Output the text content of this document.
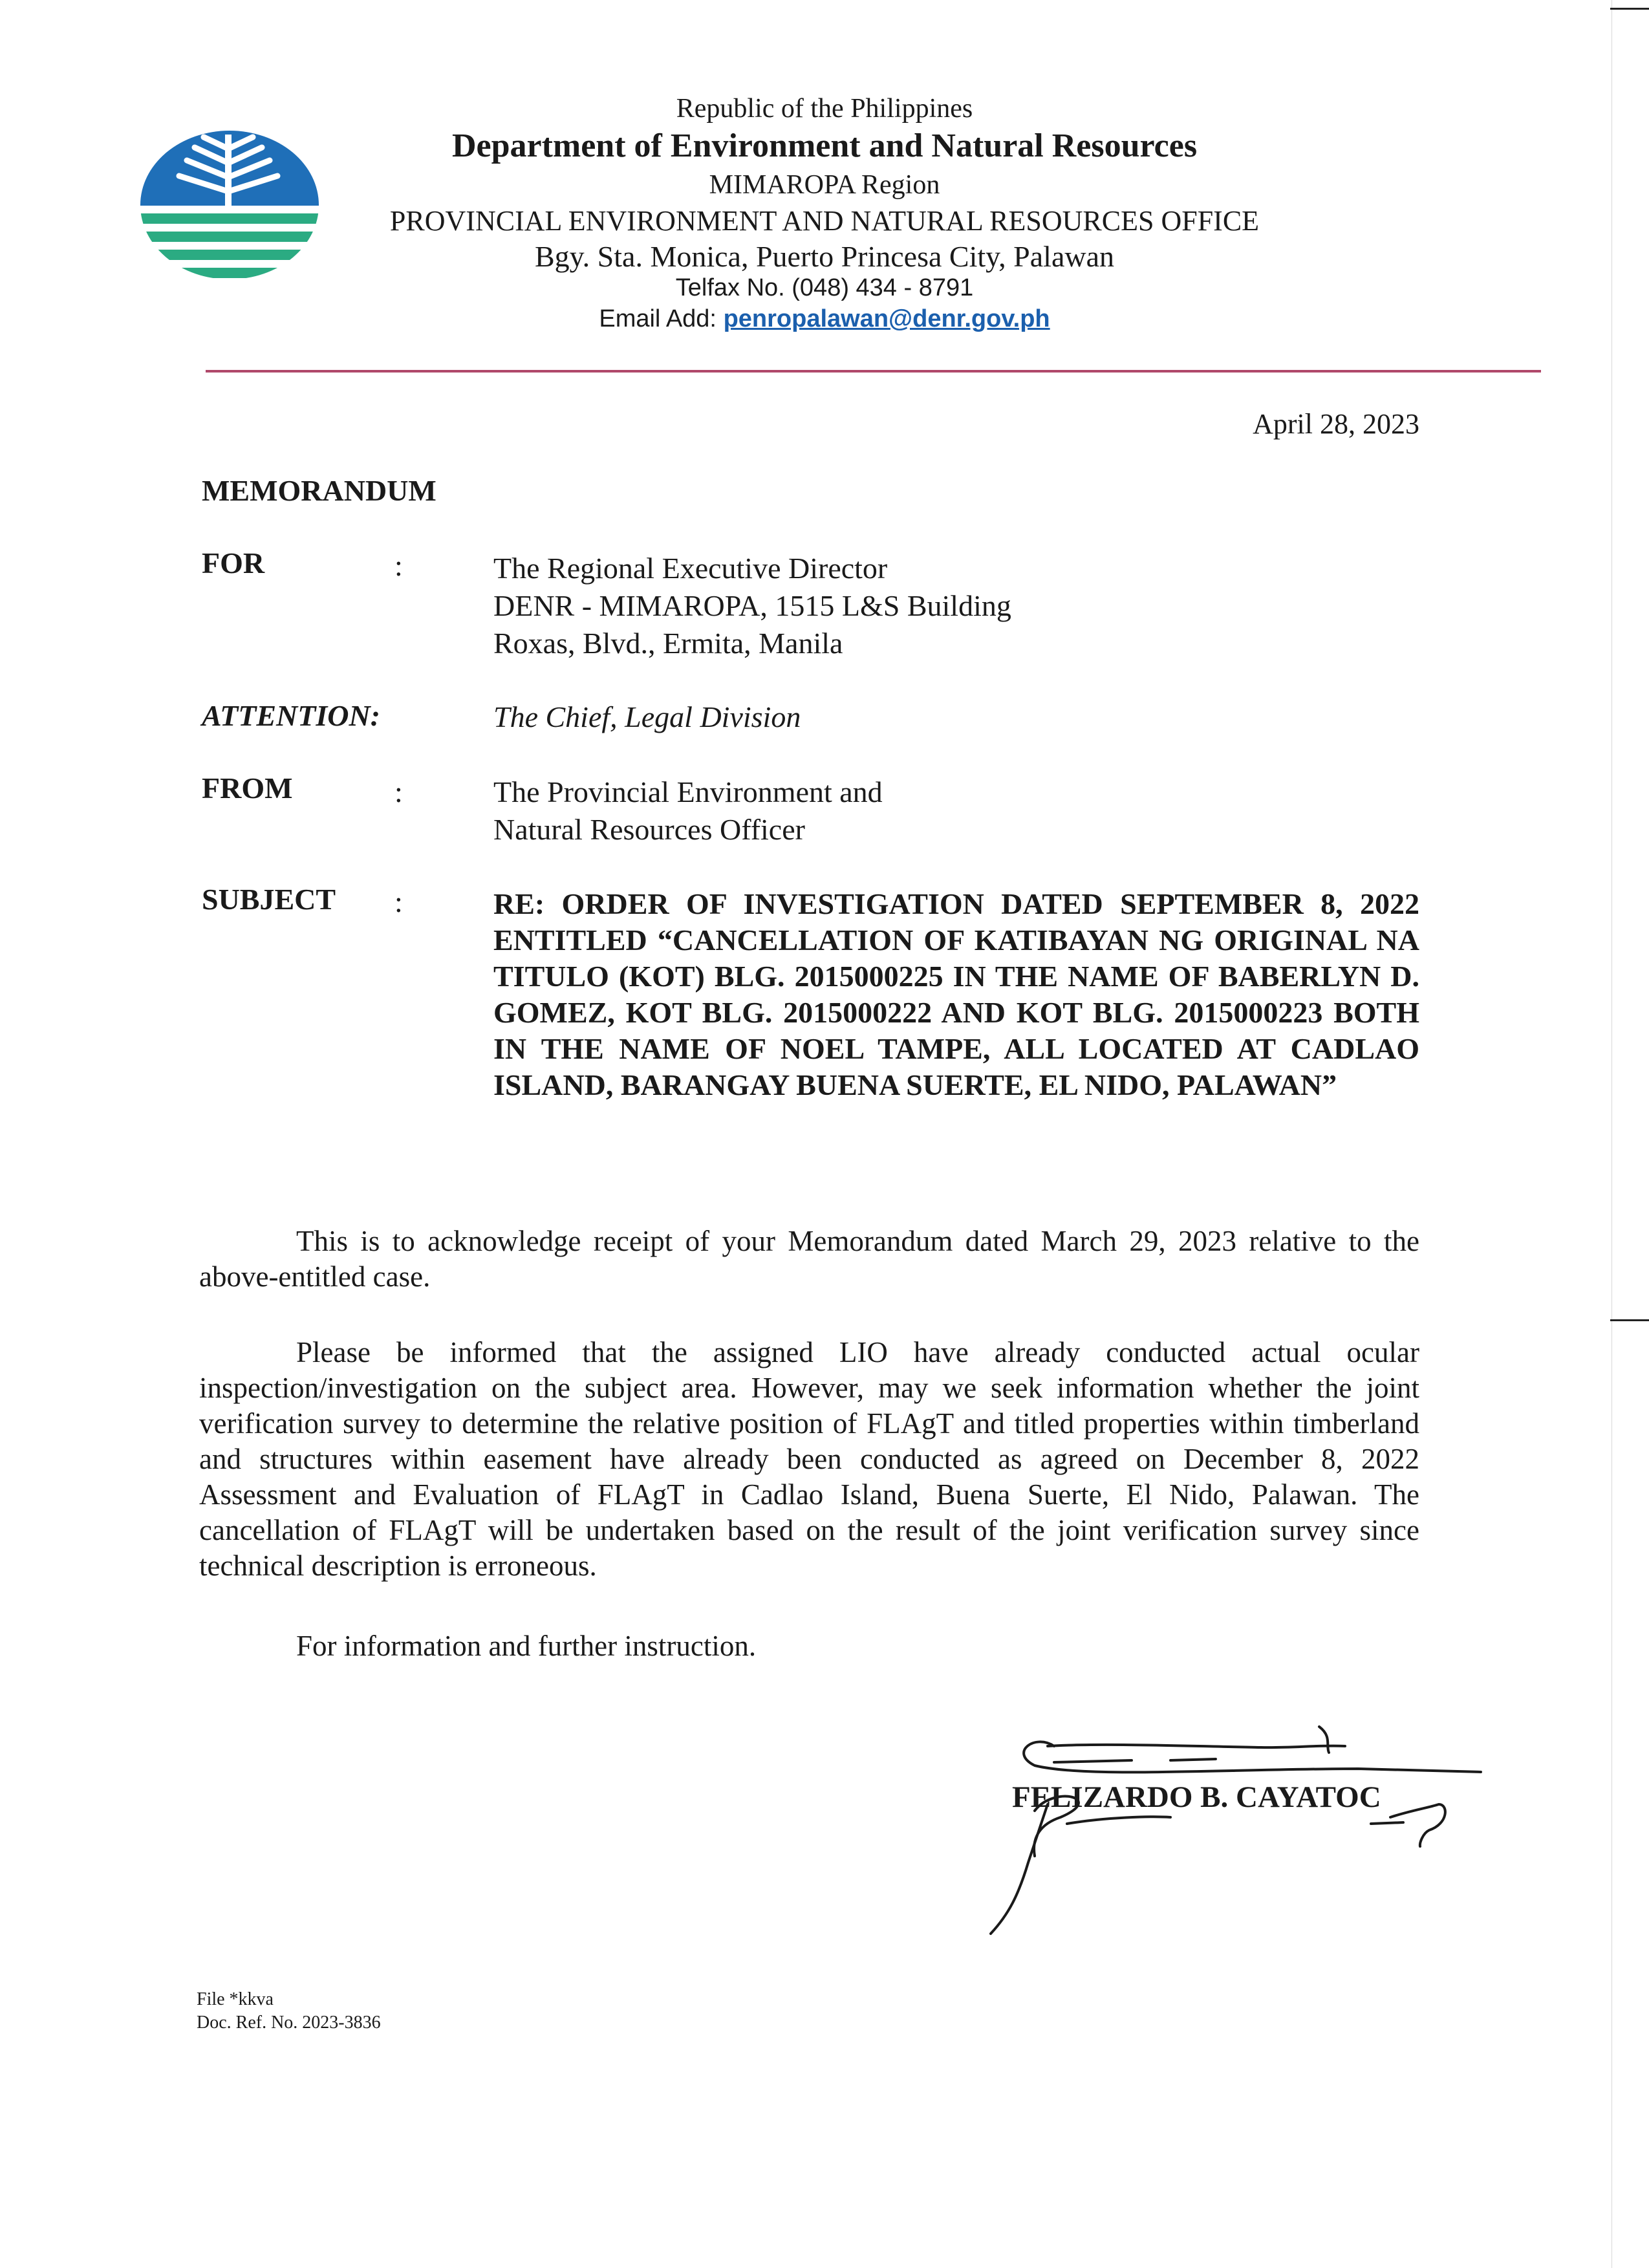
Republic of the Philippines
Department of Environment and Natural Resources
MIMAROPA Region
PROVINCIAL ENVIRONMENT AND NATURAL RESOURCES OFFICE
Bgy. Sta. Monica, Puerto Princesa City, Palawan
Telfax No. (048) 434 - 8791
Email Add: penropalawan@denr.gov.ph
April 28, 2023
MEMORANDUM
FOR	:	The Regional Executive Director
DENR - MIMAROPA, 1515 L&S Building
Roxas, Blvd., Ermita, Manila
ATTENTION:	The Chief, Legal Division
FROM	:	The Provincial Environment and
Natural Resources Officer
SUBJECT :	RE: ORDER OF INVESTIGATION DATED SEPTEMBER 8, 2022 ENTITLED “CANCELLATION OF KATIBAYAN NG ORIGINAL NA TITULO (KOT) BLG. 2015000225 IN THE NAME OF BABERLYN D. GOMEZ, KOT BLG. 2015000222 AND KOT BLG. 2015000223 BOTH IN THE NAME OF NOEL TAMPE, ALL LOCATED AT CADLAO ISLAND, BARANGAY BUENA SUERTE, EL NIDO, PALAWAN”
This is to acknowledge receipt of your Memorandum dated March 29, 2023 relative to the above-entitled case.
Please be informed that the assigned LIO have already conducted actual ocular inspection/investigation on the subject area. However, may we seek information whether the joint verification survey to determine the relative position of FLAgT and titled properties within timberland and structures within easement have already been conducted as agreed on December 8, 2022 Assessment and Evaluation of FLAgT in Cadlao Island, Buena Suerte, El Nido, Palawan. The cancellation of FLAgT will be undertaken based on the result of the joint verification survey since technical description is erroneous.
For information and further instruction.
FELIZARDO B. CAYATOC
File *kkva
Doc. Ref. No. 2023-3836
